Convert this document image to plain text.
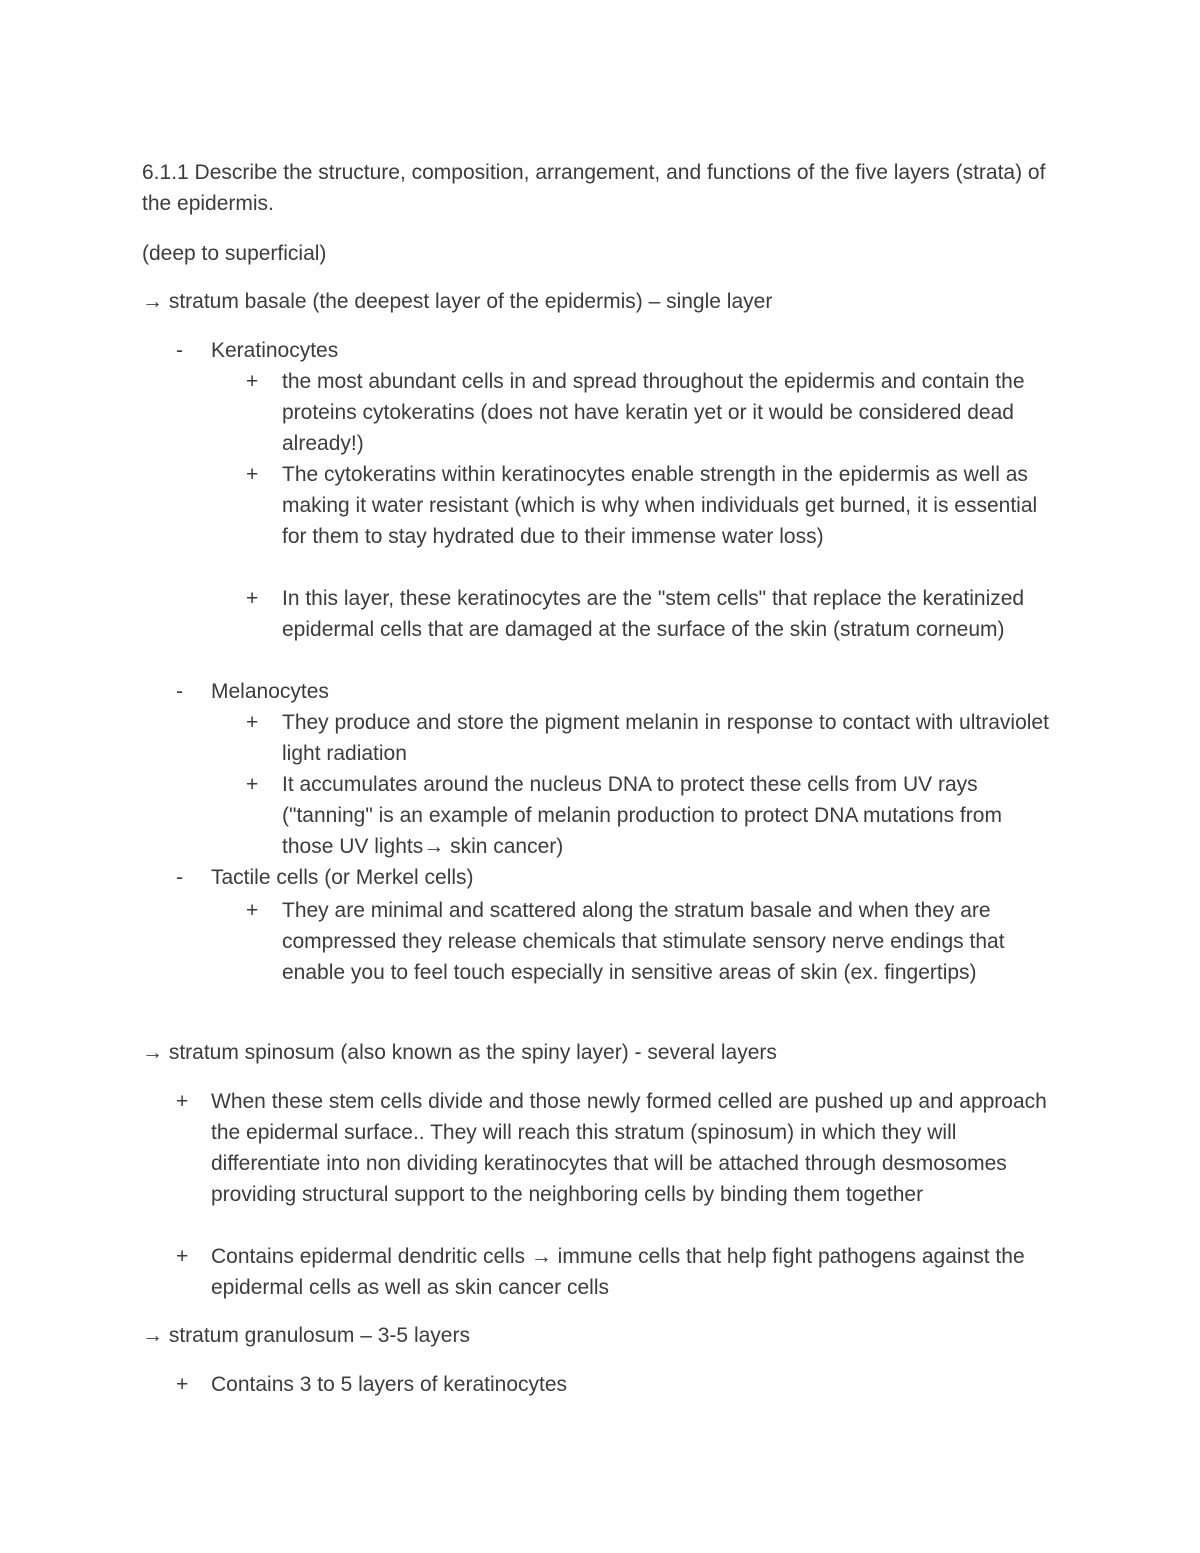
6.1.1 Describe the structure, composition, arrangement, and functions of the five layers (strata) of the epidermis.

(deep to superficial)

→ stratum basale (the deepest layer of the epidermis) – single layer

-	Keratinocytes
+	the most abundant cells in and spread throughout the epidermis and contain the proteins cytokeratins (does not have keratin yet or it would be considered dead already!)
+	The cytokeratins within keratinocytes enable strength in the epidermis as well as making it water resistant (which is why when individuals get burned, it is essential for them to stay hydrated due to their immense water loss)
+	In this layer, these keratinocytes are the "stem cells" that replace the keratinized epidermal cells that are damaged at the surface of the skin (stratum corneum)
-	Melanocytes
+	They produce and store the pigment melanin in response to contact with ultraviolet light radiation
+	It accumulates around the nucleus DNA to protect these cells from UV rays ("tanning" is an example of melanin production to protect DNA mutations from those UV lights→ skin cancer)
-	Tactile cells (or Merkel cells)
+	They are minimal and scattered along the stratum basale and when they are compressed they release chemicals that stimulate sensory nerve endings that enable you to feel touch especially in sensitive areas of skin (ex. fingertips)

→ stratum spinosum (also known as the spiny layer) - several layers

+	When these stem cells divide and those newly formed celled are pushed up and approach the epidermal surface.. They will reach this stratum (spinosum) in which they will differentiate into non dividing keratinocytes that will be attached through desmosomes providing structural support to the neighboring cells by binding them together
+	Contains epidermal dendritic cells → immune cells that help fight pathogens against the epidermal cells as well as skin cancer cells

→ stratum granulosum – 3-5 layers

+	Contains 3 to 5 layers of keratinocytes
